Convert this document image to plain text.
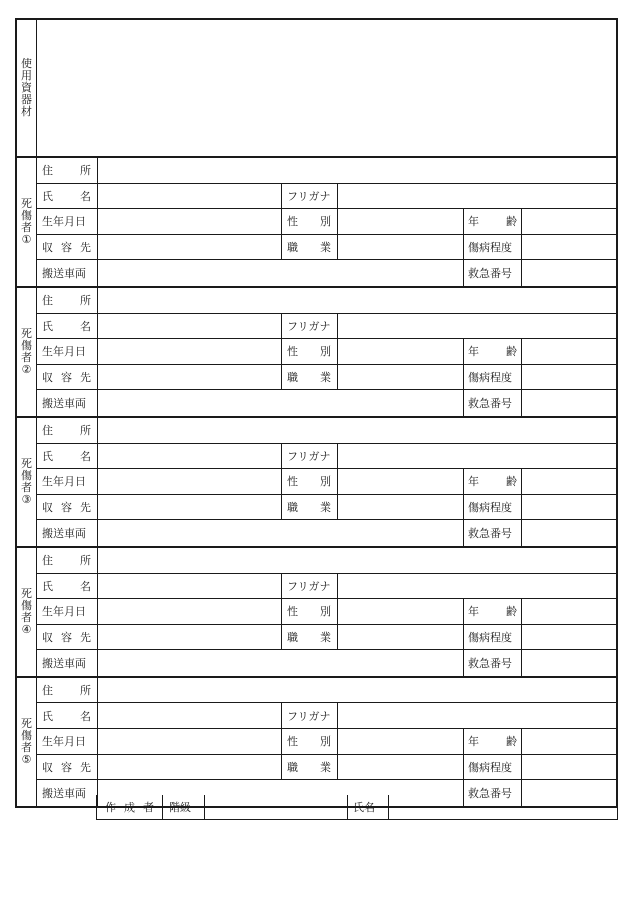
使
用
資
器
材
死
傷
者
①
住 所
氏 名	フリガナ
生年月日	性 別	年 齢
収 容 先	職 業	傷病程度
搬送車両	救急番号
死
傷
者
②
住 所
氏 名	フリガナ
生年月日	性 別	年 齢
収 容 先	職 業	傷病程度
搬送車両	救急番号
死
傷
者
③
住 所
氏 名	フリガナ
生年月日	性 別	年 齢
収 容 先	職 業	傷病程度
搬送車両	救急番号
死
傷
者
④
住 所
氏 名	フリガナ
生年月日	性 別	年 齢
収 容 先	職 業	傷病程度
搬送車両	救急番号
死
傷
者
⑤
住 所
氏 名	フリガナ
生年月日	性 別	年 齢
収 容 先	職 業	傷病程度
搬送車両	救急番号
作 成 者	階級	氏名
